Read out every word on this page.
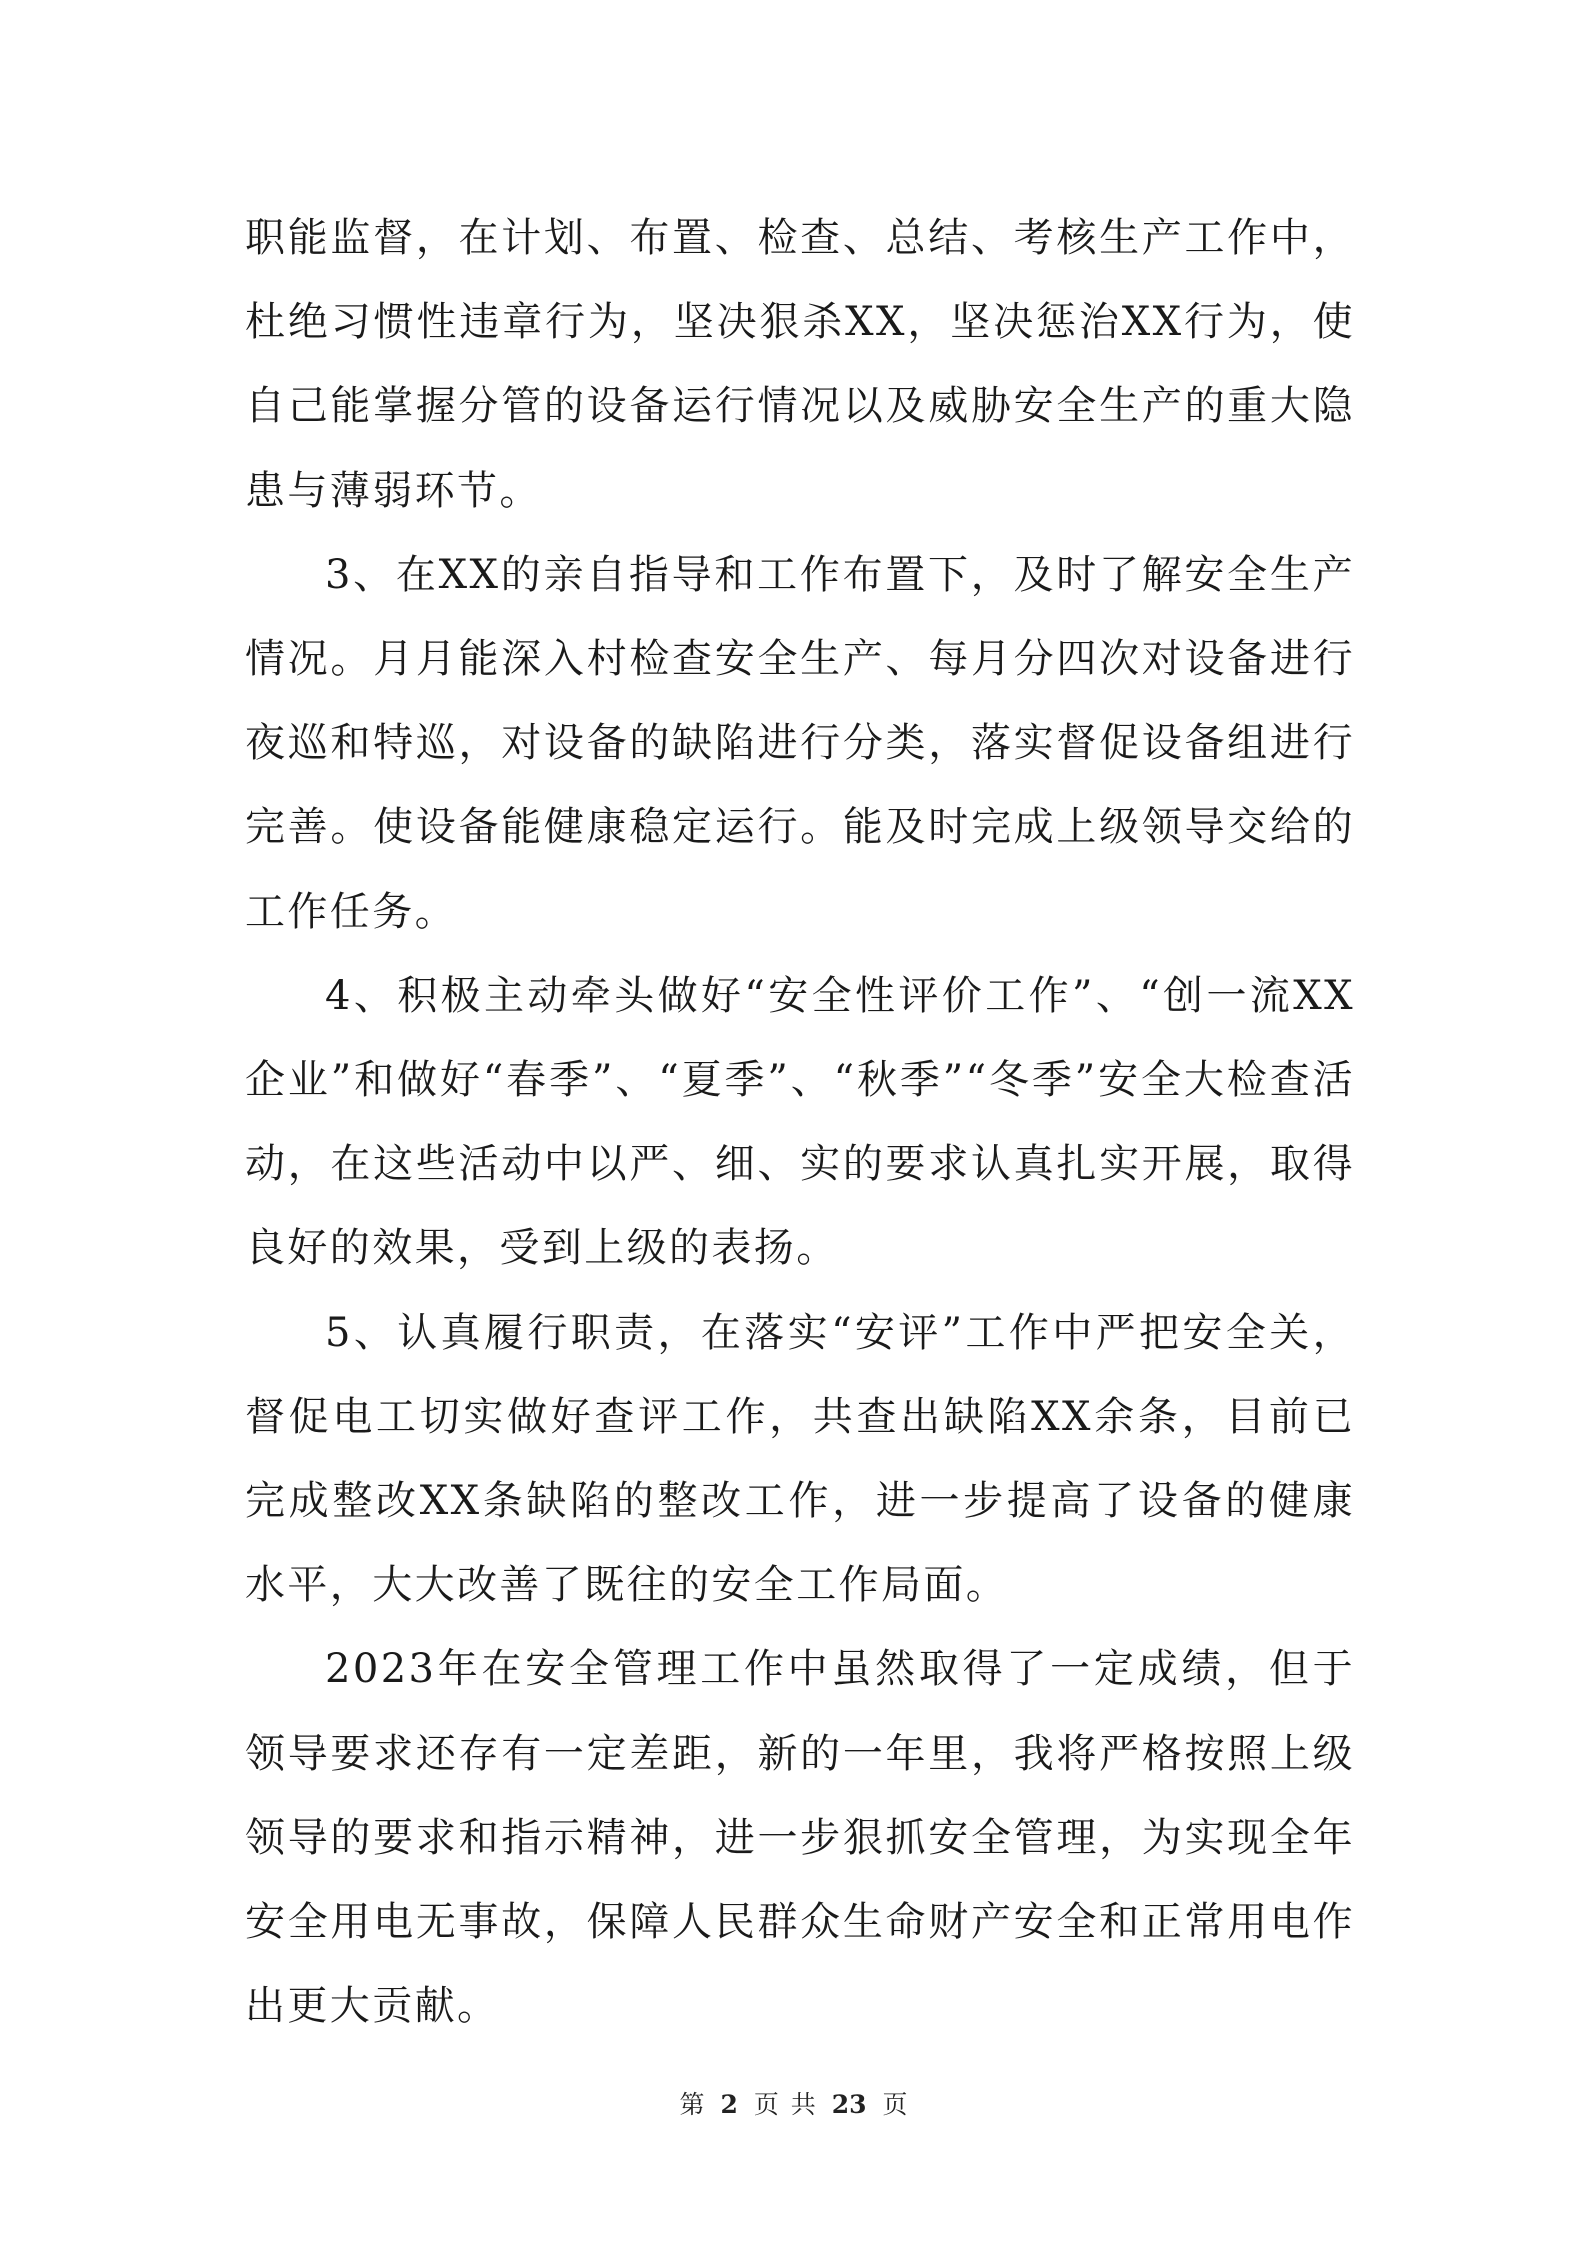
职能监督，在计划、布置、检查、总结、考核生产工作中，杜绝习惯性违章行为，坚决狠杀XX，坚决惩治XX行为，使自己能掌握分管的设备运行情况以及威胁安全生产的重大隐患与薄弱环节。

3、在XX的亲自指导和工作布置下，及时了解安全生产情况。月月能深入村检查安全生产、每月分四次对设备进行夜巡和特巡，对设备的缺陷进行分类，落实督促设备组进行完善。使设备能健康稳定运行。能及时完成上级领导交给的工作任务。

4、积极主动牵头做好“安全性评价工作”、“创一流XX企业”和做好“春季”、“夏季”、“秋季”“冬季”安全大检查活动，在这些活动中以严、细、实的要求认真扎实开展，取得良好的效果，受到上级的表扬。

5、认真履行职责，在落实“安评”工作中严把安全关，督促电工切实做好查评工作，共查出缺陷XX余条，目前已完成整改XX条缺陷的整改工作，进一步提高了设备的健康水平，大大改善了既往的安全工作局面。

2023年在安全管理工作中虽然取得了一定成绩，但于领导要求还存有一定差距，新的一年里，我将严格按照上级领导的要求和指示精神，进一步狠抓安全管理，为实现全年安全用电无事故，保障人民群众生命财产安全和正常用电作出更大贡献。

第 2 页 共 23 页
